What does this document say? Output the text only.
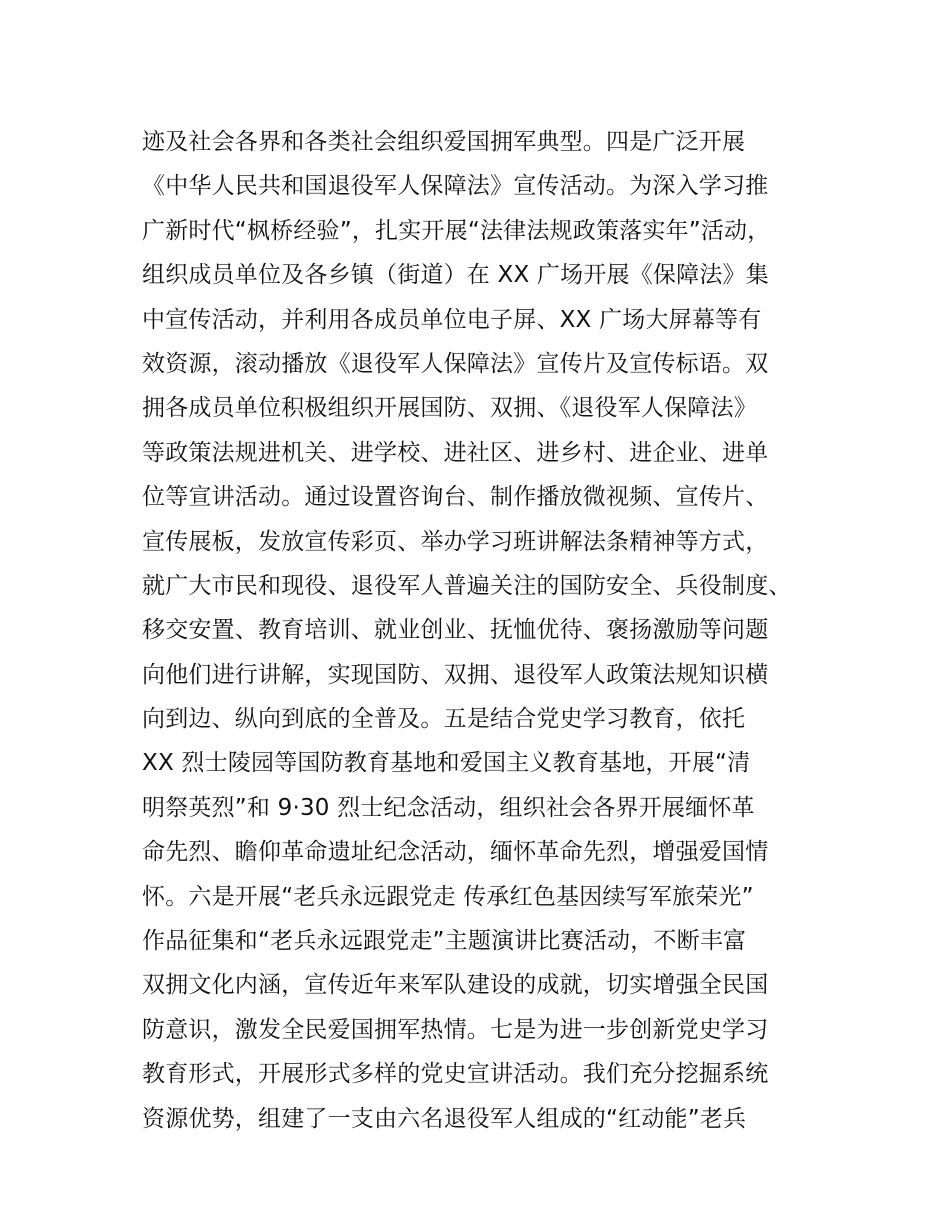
迹及社会各界和各类社会组织爱国拥军典型。四是广泛开展
《中华人民共和国退役军人保障法》宣传活动。为深入学习推
广新时代“枫桥经验”，扎实开展“法律法规政策落实年”活动，
组织成员单位及各乡镇（街道）在 XX 广场开展《保障法》集
中宣传活动，并利用各成员单位电子屏、XX 广场大屏幕等有
效资源，滚动播放《退役军人保障法》宣传片及宣传标语。双
拥各成员单位积极组织开展国防、双拥、《退役军人保障法》
等政策法规进机关、进学校、进社区、进乡村、进企业、进单
位等宣讲活动。通过设置咨询台、制作播放微视频、宣传片、
宣传展板，发放宣传彩页、举办学习班讲解法条精神等方式，
就广大市民和现役、退役军人普遍关注的国防安全、兵役制度、
移交安置、教育培训、就业创业、抚恤优待、褒扬激励等问题
向他们进行讲解，实现国防、双拥、退役军人政策法规知识横
向到边、纵向到底的全普及。五是结合党史学习教育，依托
XX 烈士陵园等国防教育基地和爱国主义教育基地，开展“清
明祭英烈”和 9·30 烈士纪念活动，组织社会各界开展缅怀革
命先烈、瞻仰革命遗址纪念活动，缅怀革命先烈，增强爱国情
怀。六是开展“老兵永远跟党走 传承红色基因续写军旅荣光”
作品征集和“老兵永远跟党走”主题演讲比赛活动，不断丰富
双拥文化内涵，宣传近年来军队建设的成就，切实增强全民国
防意识，激发全民爱国拥军热情。七是为进一步创新党史学习
教育形式，开展形式多样的党史宣讲活动。我们充分挖掘系统
资源优势，组建了一支由六名退役军人组成的“红动能”老兵
